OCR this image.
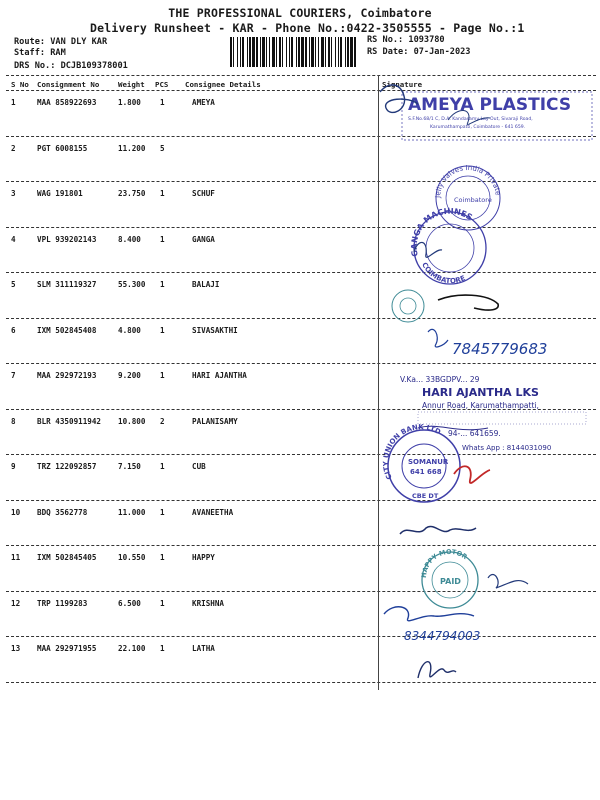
THE PROFESSIONAL COURIERS, Coimbatore
Delivery Runsheet - KAR - Phone No.:0422-3505555 - Page No.:1
Route: VAN DLY KAR
Staff: RAM
DRS No.: DCJB109378001
RS No.: 1093780
RS Date: 07-Jan-2023
S No Consignment No	Weight PCS Consignee Details	Signature
1	MAA 858922693	1.800	1	AMEYA
2	PGT 6008155	11.200 5
3	WAG 191801	23.750 1	SCHUF
4	VPL 939202143	8.400	1	GANGA
5	SLM 311119327	55.300 1	BALAJI
6	IXM 502845408	4.800	1	SIVASAKTHI
7	MAA 292972193	9.200	1	HARI AJANTHA
8	BLR 4350911942 10.800 2	PALANISAMY
9	TRZ 122092857	7.150	1	CUB
10 BDQ 3562778	11.000 1	AVANEETHA
11 IXM 502845405	10.550 1	HAPPY
12 TRP 1199283	6.500	1	KRISHNA
13 MAA 292971955	22.100 1	LATHA
AMEYA PLASTICS
S.F.No.68/1 C, D.A. Kandasamy Lay Out, Sivaraji Road,
Karumathampatti, Coimbatore - 641 659.
Jelly Valves India Private
Coimbatore
GANGA MACHINES
COIMBATORE
7845779683
V.Ka... 33BGDPV... 29
HARI AJANTHA LKS
Annur Road, Karumathampatti,
94-... 641659.
CITY UNION BANK LTD
SOMANUR
641 668
CBE DT
Whats App : 8144031090
HAPPY MOTOR
PAID
8344794003
